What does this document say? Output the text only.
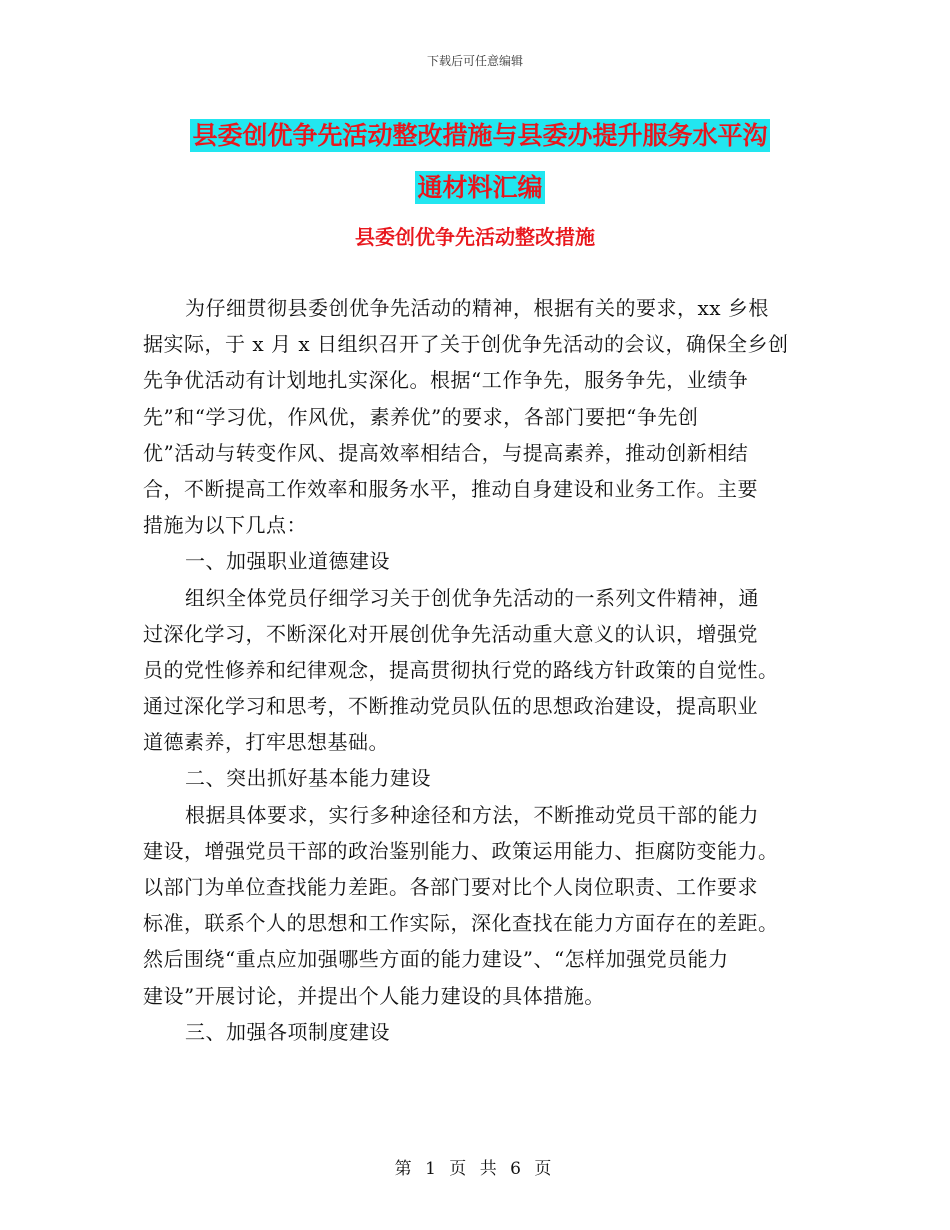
下载后可任意编辑
县委创优争先活动整改措施与县委办提升服务水平沟
通材料汇编
县委创优争先活动整改措施
为仔细贯彻县委创优争先活动的精神，根据有关的要求，xx 乡根
据实际，于 x 月 x 日组织召开了关于创优争先活动的会议，确保全乡创
先争优活动有计划地扎实深化。根据“工作争先，服务争先，业绩争
先”和“学习优，作风优，素养优”的要求，各部门要把“争先创
优”活动与转变作风、提高效率相结合，与提高素养，推动创新相结
合，不断提高工作效率和服务水平，推动自身建设和业务工作。主要
措施为以下几点：
一、加强职业道德建设
组织全体党员仔细学习关于创优争先活动的一系列文件精神，通
过深化学习，不断深化对开展创优争先活动重大意义的认识，增强党
员的党性修养和纪律观念，提高贯彻执行党的路线方针政策的自觉性。
通过深化学习和思考，不断推动党员队伍的思想政治建设，提高职业
道德素养，打牢思想基础。
二、突出抓好基本能力建设
根据具体要求，实行多种途径和方法，不断推动党员干部的能力
建设，增强党员干部的政治鉴别能力、政策运用能力、拒腐防变能力。
以部门为单位查找能力差距。各部门要对比个人岗位职责、工作要求
标准，联系个人的思想和工作实际，深化查找在能力方面存在的差距。
然后围绕“重点应加强哪些方面的能力建设”、“怎样加强党员能力
建设”开展讨论，并提出个人能力建设的具体措施。
三、加强各项制度建设
第 1 页 共 6 页
